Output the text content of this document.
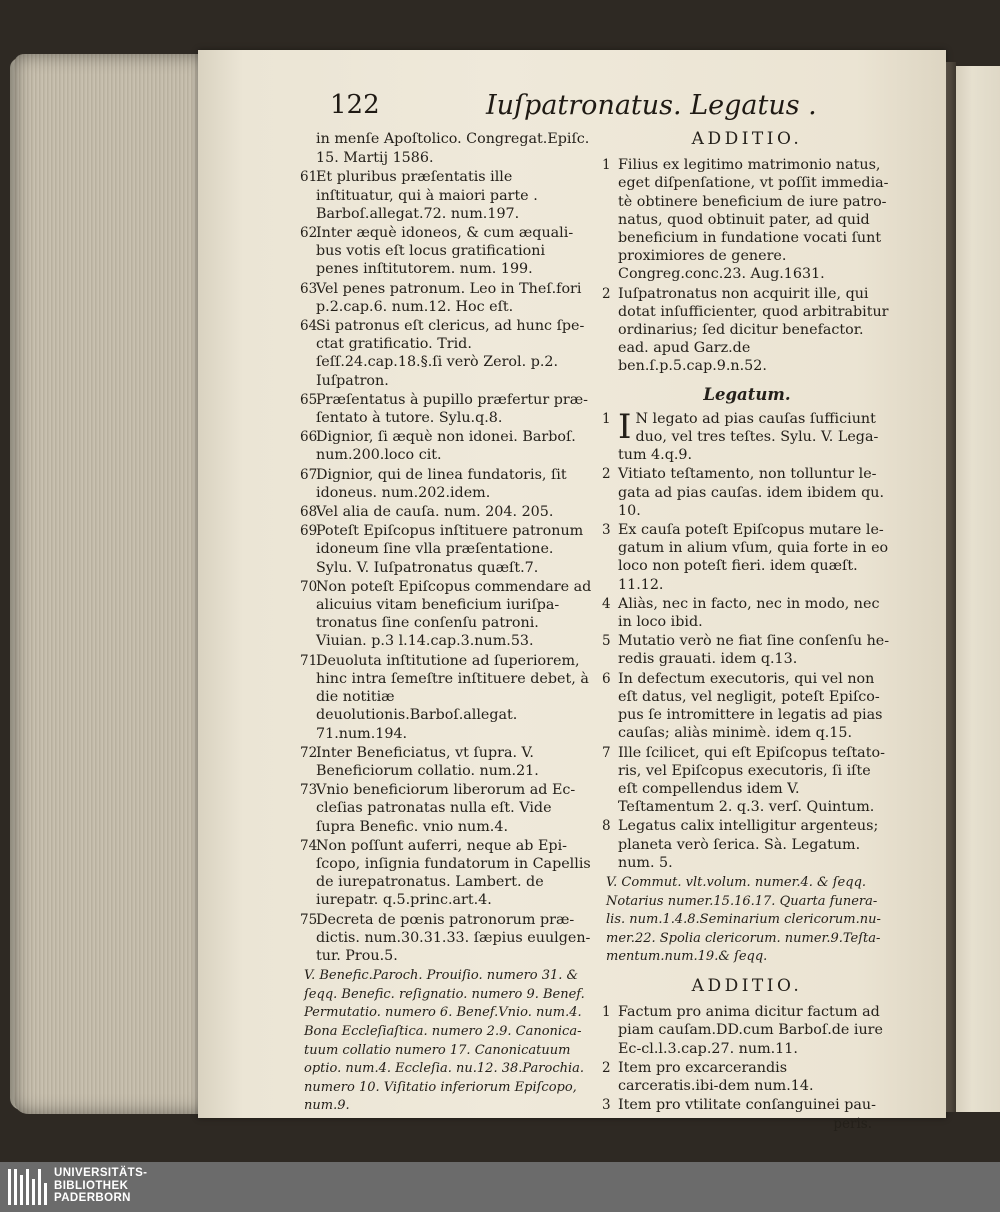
122	Iuſpatronatus. Legatus .
in menſe Apoſtolico. Congregat.Epiſc.
15. Martij 1586.
61
Et pluribus præſentatis ille inſtituatur, qui à maiori parte . Barboſ.allegat.72. num.197.
62
Inter æquè idoneos, & cum æquali-bus votis eſt locus gratificationi penes inſtitutorem. num. 199.
63
Vel penes patronum. Leo in Theſ.fori p.2.cap.6. num.12. Hoc eſt.
64
Si patronus eſt clericus, ad hunc ſpe-ctat gratificatio. Trid. ſeſſ.24.cap.18.§.ſi verò Zerol. p.2. Iuſpatron.
65
Præſentatus à pupillo præfertur præ-ſentato à tutore. Sylu.q.8.
66
Dignior, ſi æquè non idonei. Barboſ. num.200.loco cit.
67
Dignior, qui de linea fundatoris, ſit idoneus. num.202.idem.
68
Vel alia de cauſa. num. 204. 205.
69
Poteſt Epiſcopus inſtituere patronum idoneum ſine vlla præſentatione. Sylu. V. Iuſpatronatus quæſt.7.
70
Non poteſt Epiſcopus commendare ad alicuius vitam beneficium iuriſpa-tronatus ſine conſenſu patroni. Viuian. p.3 l.14.cap.3.num.53.
71
Deuoluta inſtitutione ad ſuperiorem, hinc intra ſemeſtre inſtituere debet, à die notitiæ deuolutionis.Barboſ.allegat. 71.num.194.
72
Inter Beneficiatus, vt ſupra. V. Beneficiorum collatio. num.21.
73
Vnio beneficiorum liberorum ad Ec-cleſias patronatas nulla eſt. Vide ſupra Benefic. vnio num.4.
74
Non poſſunt auferri, neque ab Epi-ſcopo, inſignia fundatorum in Capellis de iurepatronatus. Lambert. de iurepatr. q.5.princ.art.4.
75
Decreta de pœnis patronorum præ-dictis. num.30.31.33. ſæpius euulgen-tur. Prou.5.
V. Benefic.Paroch. Prouiſio. numero 31. & ſeqq. Benefic. reſignatio. numero 9. Benef. Permutatio. numero 6. Benef.Vnio. num.4. Bona Eccleſiaſtica. numero 2.9. Canonica-tuum collatio numero 17. Canonicatuum optio. num.4. Eccleſia. nu.12. 38.Parochia. numero 10. Viſitatio inferiorum Epiſcopo, num.9.
ADDITIO.
1 Filius ex legitimo matrimonio natus, eget diſpenſatione, vt poſſit immedia-tè obtinere beneficium de iure patro-natus, quod obtinuit pater, ad quid beneficium in fundatione vocati ſunt proximiores de genere. Congreg.conc.23. Aug.1631.
2 Iuſpatronatus non acquirit ille, qui dotat inſufficienter, quod arbitrabitur ordinarius; ſed dicitur benefactor. ead. apud Garz.de ben.ſ.p.5.cap.9.n.52.
Legatum.
1 I N legato ad pias cauſas ſufficiunt duo, vel tres teſtes. Sylu. V. Lega-tum 4.q.9.
2 Vitiato teſtamento, non tolluntur le-gata ad pias cauſas. idem ibidem qu. 10.
3 Ex cauſa poteſt Epiſcopus mutare le-gatum in alium vſum, quia forte in eo loco non poteſt fieri. idem quæſt. 11.12.
4 Aliàs, nec in facto, nec in modo, nec in loco ibid.
5 Mutatio verò ne fiat ſine conſenſu he-redis grauati. idem q.13.
6 In defectum executoris, qui vel non eſt datus, vel negligit, poteſt Epiſco-pus ſe intromittere in legatis ad pias cauſas; aliàs minimè. idem q.15.
7 Ille ſcilicet, qui eſt Epiſcopus teſtato-ris, vel Epiſcopus executoris, ſi iſte eſt compellendus idem V. Teſtamentum 2. q.3. verſ. Quintum.
8 Legatus calix intelligitur argenteus; planeta verò ſerica. Sà. Legatum. num. 5.
V. Commut. vlt.volum. numer.4. & ſeqq. Notarius numer.15.16.17. Quarta funera-lis. num.1.4.8.Seminarium clericorum.nu-mer.22. Spolia clericorum. numer.9.Teſta-mentum.num.19.& ſeqq.
ADDITIO.
1 Factum pro anima dicitur factum ad piam cauſam.DD.cum Barboſ.de iure Ec-cl.l.3.cap.27. num.11.
2 Item pro excarcerandis carceratis.ibi-dem num.14.
3 Item pro vtilitate conſanguinei pau-
peris.
UNIVERSITÄTS-
BIBLIOTHEK
PADERBORN
